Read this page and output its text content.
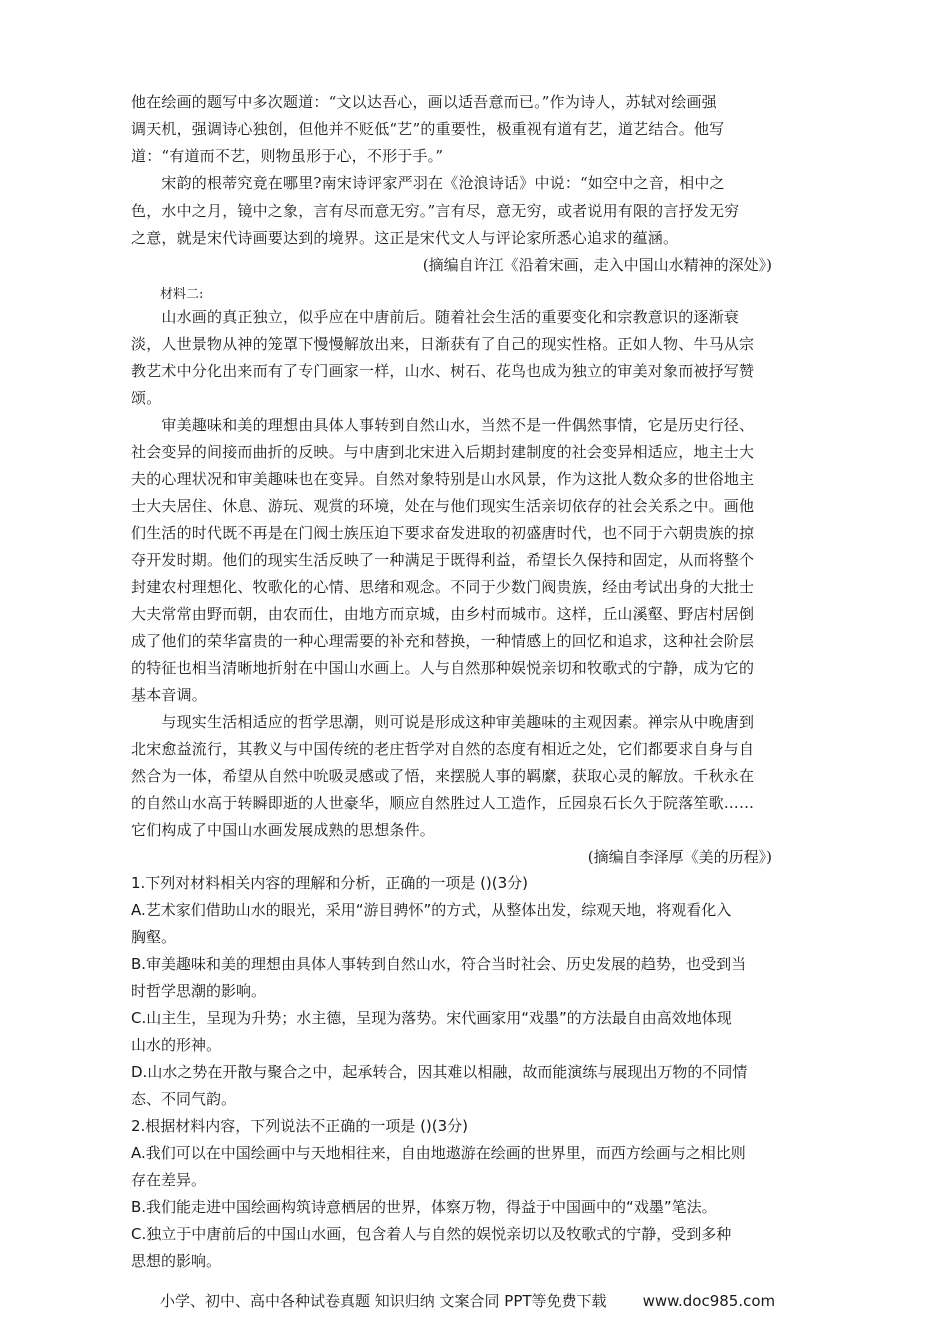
他在绘画的题写中多次题道：“文以达吾心，画以适吾意而已。”作为诗人，苏轼对绘画强
调天机，强调诗心独创，但他并不贬低“艺”的重要性，极重视有道有艺，道艺结合。他写
道：“有道而不艺，则物虽形于心，不形于手。”
　　宋韵的根蒂究竟在哪里?南宋诗评家严羽在《沧浪诗话》中说：“如空中之音，相中之
色，水中之月，镜中之象，言有尽而意无穷。”言有尽，意无穷，或者说用有限的言抒发无穷
之意，就是宋代诗画要达到的境界。这正是宋代文人与评论家所悉心追求的蕴涵。
(摘编自许江《沿着宋画，走入中国山水精神的深处》)
材料二:
　　山水画的真正独立，似乎应在中唐前后。随着社会生活的重要变化和宗教意识的逐渐衰
淡，人世景物从神的笼罩下慢慢解放出来，日渐获有了自己的现实性格。正如人物、牛马从宗
教艺术中分化出来而有了专门画家一样，山水、树石、花鸟也成为独立的审美对象而被抒写赞
颂。
　　审美趣味和美的理想由具体人事转到自然山水，当然不是一件偶然事情，它是历史行径、
社会变异的间接而曲折的反映。与中唐到北宋进入后期封建制度的社会变异相适应，地主士大
夫的心理状况和审美趣味也在变异。自然对象特别是山水风景，作为这批人数众多的世俗地主
士大夫居住、休息、游玩、观赏的环境，处在与他们现实生活亲切依存的社会关系之中。画他
们生活的时代既不再是在门阀士族压迫下要求奋发进取的初盛唐时代，也不同于六朝贵族的掠
夺开发时期。他们的现实生活反映了一种满足于既得利益，希望长久保持和固定，从而将整个
封建农村理想化、牧歌化的心情、思绪和观念。不同于少数门阀贵族，经由考试出身的大批士
大夫常常由野而朝，由农而仕，由地方而京城，由乡村而城市。这样，丘山溪壑、野店村居倒
成了他们的荣华富贵的一种心理需要的补充和替换，一种情感上的回忆和追求，这种社会阶层
的特征也相当清晰地折射在中国山水画上。人与自然那种娱悦亲切和牧歌式的宁静，成为它的
基本音调。
　　与现实生活相适应的哲学思潮，则可说是形成这种审美趣味的主观因素。禅宗从中晚唐到
北宋愈益流行，其教义与中国传统的老庄哲学对自然的态度有相近之处，它们都要求自身与自
然合为一体，希望从自然中吮吸灵感或了悟，来摆脱人事的羁縻，获取心灵的解放。千秋永在
的自然山水高于转瞬即逝的人世豪华，顺应自然胜过人工造作，丘园泉石长久于院落笙歌……
它们构成了中国山水画发展成熟的思想条件。
(摘编自李泽厚《美的历程》)
1.下列对材料相关内容的理解和分析，正确的一项是 ()(3分)
A.艺术家们借助山水的眼光，采用“游目骋怀”的方式，从整体出发，综观天地，将观看化入
胸壑。
B.审美趣味和美的理想由具体人事转到自然山水，符合当时社会、历史发展的趋势，也受到当
时哲学思潮的影响。
C.山主生，呈现为升势；水主德，呈现为落势。宋代画家用“戏墨”的方法最自由高效地体现
山水的形神。
D.山水之势在开散与聚合之中，起承转合，因其难以相融，故而能演练与展现出万物的不同情
态、不同气韵。
2.根据材料内容，下列说法不正确的一项是 ()(3分)
A.我们可以在中国绘画中与天地相往来，自由地遨游在绘画的世界里，而西方绘画与之相比则
存在差异。
B.我们能走进中国绘画构筑诗意栖居的世界，体察万物，得益于中国画中的“戏墨”笔法。
C.独立于中唐前后的中国山水画，包含着人与自然的娱悦亲切以及牧歌式的宁静，受到多种
思想的影响。
小学、初中、高中各种试卷真题 知识归纳 文案合同 PPT等免费下载 www.doc985.com
